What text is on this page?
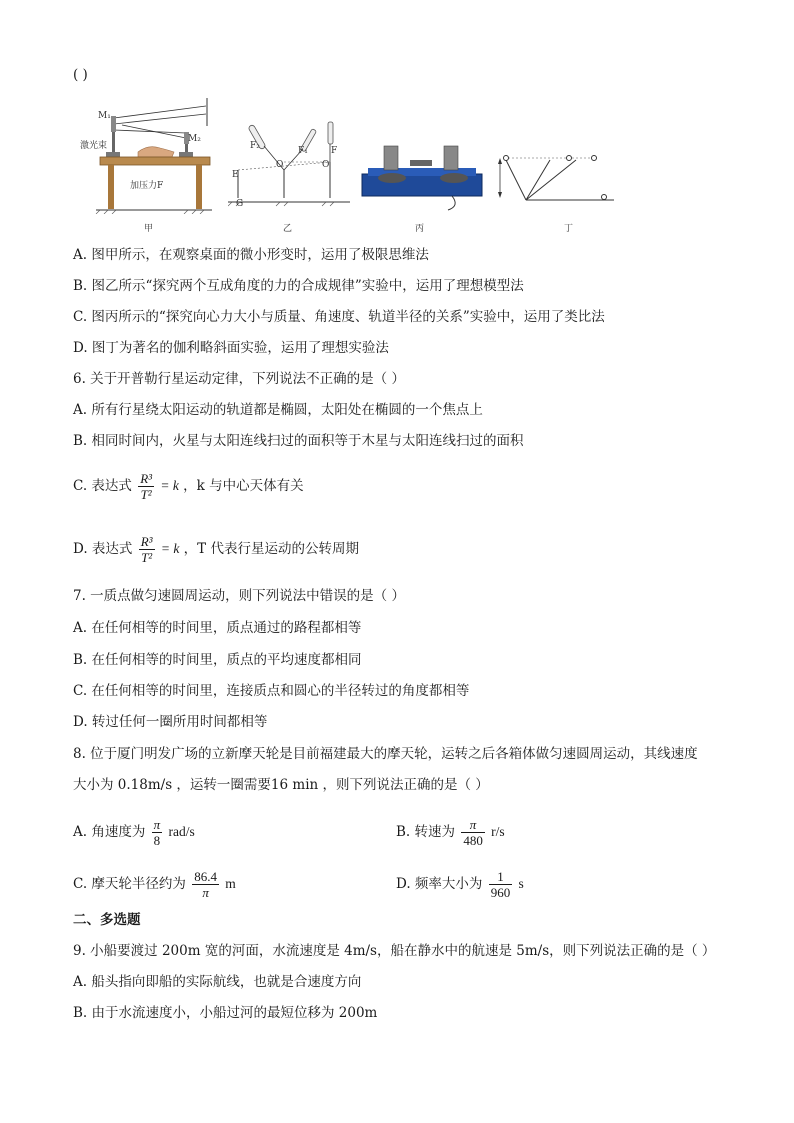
( )
M₁
M₂
激光束
加压力F
甲
F₂	F₁	F
O	O
E
G
乙	丙	丁
A. 图甲所示，在观察桌面的微小形变时，运用了极限思维法
B. 图乙所示“探究两个互成角度的力的合成规律”实验中，运用了理想模型法
C. 图丙所示的“探究向心力大小与质量、角速度、轨道半径的关系”实验中，运用了类比法
D. 图丁为著名的伽利略斜面实验，运用了理想实验法
6. 关于开普勒行星运动定律，下列说法不正确的是（ ）
A. 所有行星绕太阳运动的轨道都是椭圆，太阳处在椭圆的一个焦点上
B. 相同时间内，火星与太阳连线扫过的面积等于木星与太阳连线扫过的面积
C. 表达式 $\frac{\text{R³}}{\text{T²}} = k$ ，k 与中心天体有关
D. 表达式 $\frac{\text{R³}}{\text{T²}} = k$ ，T 代表行星运动的公转周期
7. 一质点做匀速圆周运动，则下列说法中错误的是（ ）
A. 在任何相等的时间里，质点通过的路程都相等
B. 在任何相等的时间里，质点的平均速度都相同
C. 在任何相等的时间里，连接质点和圆心的半径转过的角度都相等
D. 转过任何一圈所用时间都相等
8. 位于厦门明发广场的立新摩天轮是目前福建最大的摩天轮，运转之后各箱体做匀速圆周运动，其线速度
大小为 0.18m/s ，运转一圈需要16 min ，则下列说法正确的是（ ）
A. 角速度为 $\frac{\pi}{8} rad/s$	B. 转速为 $\frac{\pi}{480} r/s$
C. 摩天轮半径约为 $\frac{86.4}{\pi}$ m	D. 频率大小为 $\frac{1}{960}$ s
二、多选题
9. 小船要渡过 200m 宽的河面，水流速度是 4m/s，船在静水中的航速是 5m/s，则下列说法正确的是（ ）
A. 船头指向即船的实际航线，也就是合速度方向
B. 由于水流速度小，小船过河的最短位移为 200m
